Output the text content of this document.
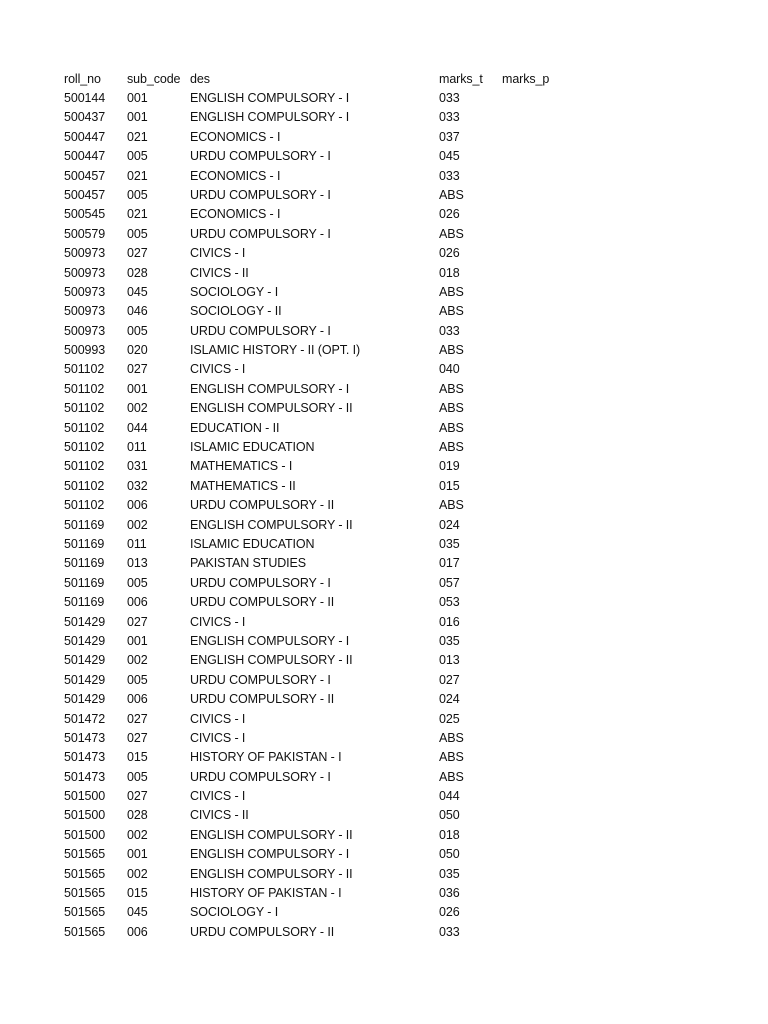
roll_no	sub_code des	marks_t	marks_p
500144	001	ENGLISH COMPULSORY - I	033
500437	001	ENGLISH COMPULSORY - I	033
500447	021	ECONOMICS - I	037
500447	005	URDU COMPULSORY - I	045
500457	021	ECONOMICS - I	033
500457	005	URDU COMPULSORY - I	ABS
500545	021	ECONOMICS - I	026
500579	005	URDU COMPULSORY - I	ABS
500973	027	CIVICS - I	026
500973	028	CIVICS - II	018
500973	045	SOCIOLOGY - I	ABS
500973	046	SOCIOLOGY - II	ABS
500973	005	URDU COMPULSORY - I	033
500993	020	ISLAMIC HISTORY - II (OPT. I)	ABS
501102	027	CIVICS - I	040
501102	001	ENGLISH COMPULSORY - I	ABS
501102	002	ENGLISH COMPULSORY - II	ABS
501102	044	EDUCATION - II	ABS
501102	011	ISLAMIC EDUCATION	ABS
501102	031	MATHEMATICS - I	019
501102	032	MATHEMATICS - II	015
501102	006	URDU COMPULSORY - II	ABS
501169	002	ENGLISH COMPULSORY - II	024
501169	011	ISLAMIC EDUCATION	035
501169	013	PAKISTAN STUDIES	017
501169	005	URDU COMPULSORY - I	057
501169	006	URDU COMPULSORY - II	053
501429	027	CIVICS - I	016
501429	001	ENGLISH COMPULSORY - I	035
501429	002	ENGLISH COMPULSORY - II	013
501429	005	URDU COMPULSORY - I	027
501429	006	URDU COMPULSORY - II	024
501472	027	CIVICS - I	025
501473	027	CIVICS - I	ABS
501473	015	HISTORY OF PAKISTAN - I	ABS
501473	005	URDU COMPULSORY - I	ABS
501500	027	CIVICS - I	044
501500	028	CIVICS - II	050
501500	002	ENGLISH COMPULSORY - II	018
501565	001	ENGLISH COMPULSORY - I	050
501565	002	ENGLISH COMPULSORY - II	035
501565	015	HISTORY OF PAKISTAN - I	036
501565	045	SOCIOLOGY - I	026
501565	006	URDU COMPULSORY - II	033
